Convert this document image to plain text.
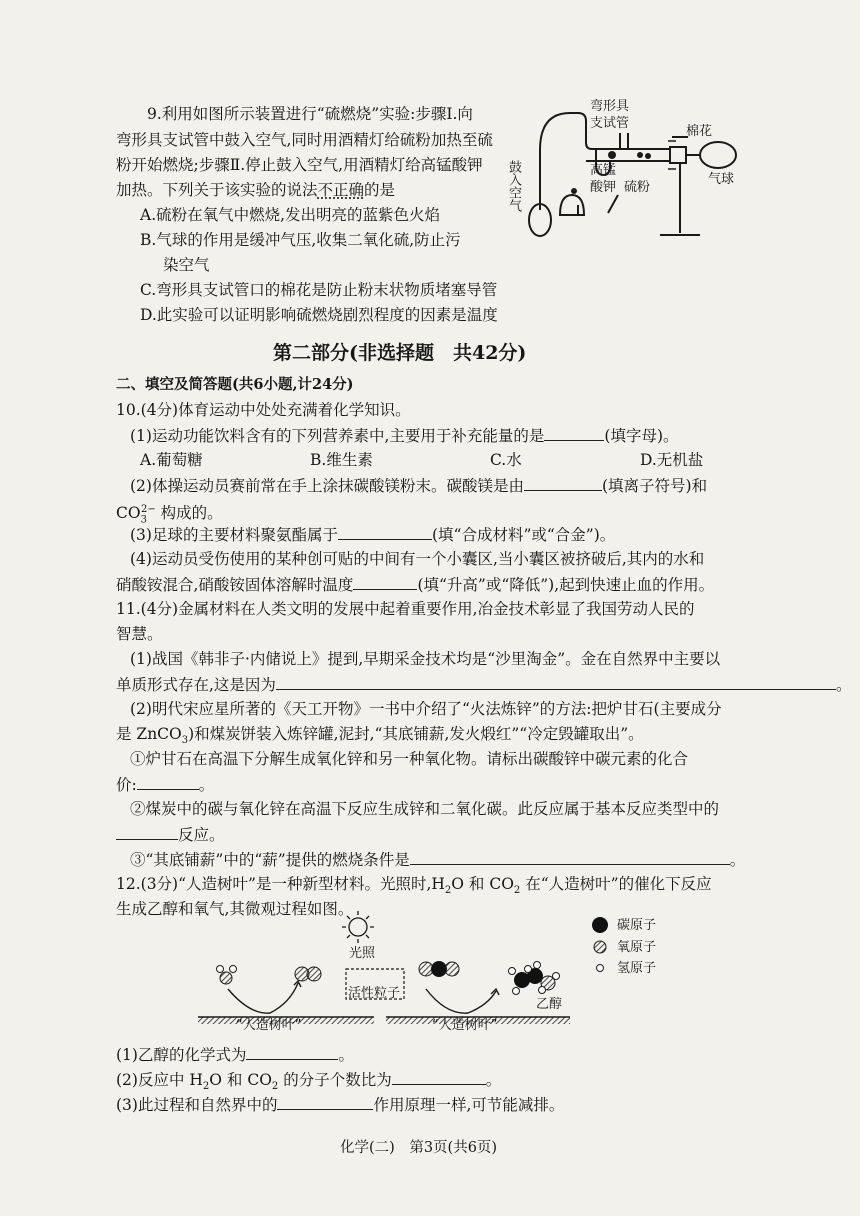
9.利用如图所示装置进行“硫燃烧”实验:步骤Ⅰ.向
弯形具支试管中鼓入空气,同时用酒精灯给硫粉加热至硫
粉开始燃烧;步骤Ⅱ.停止鼓入空气,用酒精灯给高锰酸钾
加热。下列关于该实验的说法不正确的是
A.硫粉在氧气中燃烧,发出明亮的蓝紫色火焰
B.气球的作用是缓冲气压,收集二氧化硫,防止污
染空气
C.弯形具支试管口的棉花是防止粉末状物质堵塞导管
D.此实验可以证明影响硫燃烧剧烈程度的因素是温度
弯形具
支试管
棉花
高锰
酸钾 硫粉
气球
鼓入空气
第二部分(非选择题　共42分)
二、填空及简答题(共6小题,计24分)
10.(4分)体育运动中处处充满着化学知识。
(1)运动功能饮料含有的下列营养素中,主要用于补充能量的是	(填字母)。
A.葡萄糖	B.维生素	C.水	D.无机盐
(2)体操运动员赛前常在手上涂抹碳酸镁粉末。碳酸镁是由	(填离子符号)和
$CO_3^{2-}$ 构成的。
(3)足球的主要材料聚氨酯属于	(填“合成材料”或“合金”)。
(4)运动员受伤使用的某种创可贴的中间有一个小囊区,当小囊区被挤破后,其内的水和
硝酸铵混合,硝酸铵固体溶解时温度	(填“升高”或“降低”),起到快速止血的作用。
11.(4分)金属材料在人类文明的发展中起着重要作用,冶金技术彰显了我国劳动人民的
智慧。
(1)战国《韩非子·内储说上》提到,早期采金技术均是“沙里淘金”。金在自然界中主要以
单质形式存在,这是因为	。
(2)明代宋应星所著的《天工开物》一书中介绍了“火法炼锌”的方法:把炉甘石(主要成分
是 ZnCO$_3$)和煤炭饼装入炼锌罐,泥封,“其底铺薪,发火煅红”“冷定毁罐取出”。
①炉甘石在高温下分解生成氧化锌和另一种氧化物。请标出碳酸锌中碳元素的化合
价:	。
②煤炭中的碳与氧化锌在高温下反应生成锌和二氧化碳。此反应属于基本反应类型中的
反应。
③“其底铺薪”中的“薪”提供的燃烧条件是	。
12.(3分)“人造树叶”是一种新型材料。光照时$,H_2O$ 和 $CO_2$ 在“人造树叶”的催化下反应
生成乙醇和氧气,其微观过程如图。
光照
活性粒子
乙醇
“人造树叶”	“人造树叶”
碳原子
氧原子
氢原子
(1)乙醇的化学式为	。
(2)反应中 $H_2O$ 和 $CO_2$ 的分子个数比为	。
(3)此过程和自然界中的	作用原理一样,可节能减排。
化学(二)　第3页(共6页)
